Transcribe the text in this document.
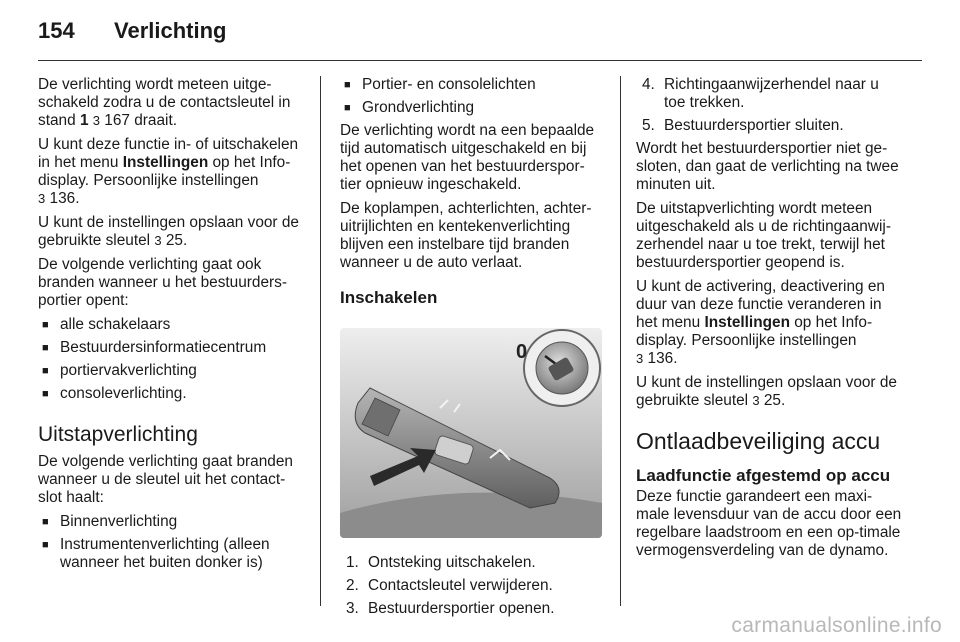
154	Verlichting

De verlichting wordt meteen uitge-schakeld zodra u de contactsleutel in stand 1 3 167 draait.

U kunt deze functie in- of uitschakelen in het menu Instellingen op het Info-display. Persoonlijke instellingen
3 136.

U kunt de instellingen opslaan voor de gebruikte sleutel 3 25.

De volgende verlichting gaat ook branden wanneer u het bestuurders-portier opent:

■ alle schakelaars
■ Bestuurdersinformatiecentrum
■ portiervakverlichting
■ consoleverlichting.
Uitstapverlichting

De volgende verlichting gaat branden wanneer u de sleutel uit het contact-slot haalt:

■ Binnenverlichting
■ Instrumentenverlichting (alleen wanneer het buiten donker is)
■ Portier- en consolelichten
■ Grondverlichting

De verlichting wordt na een bepaalde tijd automatisch uitgeschakeld en bij het openen van het bestuurderspor-tier opnieuw ingeschakeld.

De koplampen, achterlichten, achter-uitrijlichten en kentekenverlichting blijven een instelbare tijd branden wanneer u de auto verlaat.

Inschakelen
0
1. Ontsteking uitschakelen.
2. Contactsleutel verwijderen.
3. Bestuurdersportier openen.
4. Richtingaanwijzerhendel naar u toe trekken.
5. Bestuurdersportier sluiten.

Wordt het bestuurdersportier niet ge-sloten, dan gaat de verlichting na twee minuten uit.

De uitstapverlichting wordt meteen uitgeschakeld als u de richtingaanwij-zerhendel naar u toe trekt, terwijl het bestuurdersportier geopend is.

U kunt de activering, deactivering en duur van deze functie veranderen in het menu Instellingen op het Info-display. Persoonlijke instellingen
3 136.

U kunt de instellingen opslaan voor de gebruikte sleutel 3 25.

Ontlaadbeveiliging accu
Laadfunctie afgestemd op accu

Deze functie garandeert een maxi-male levensduur van de accu door een regelbare laadstroom en een op-timale vermogensverdeling van de dynamo.

carmanualsonline.info
